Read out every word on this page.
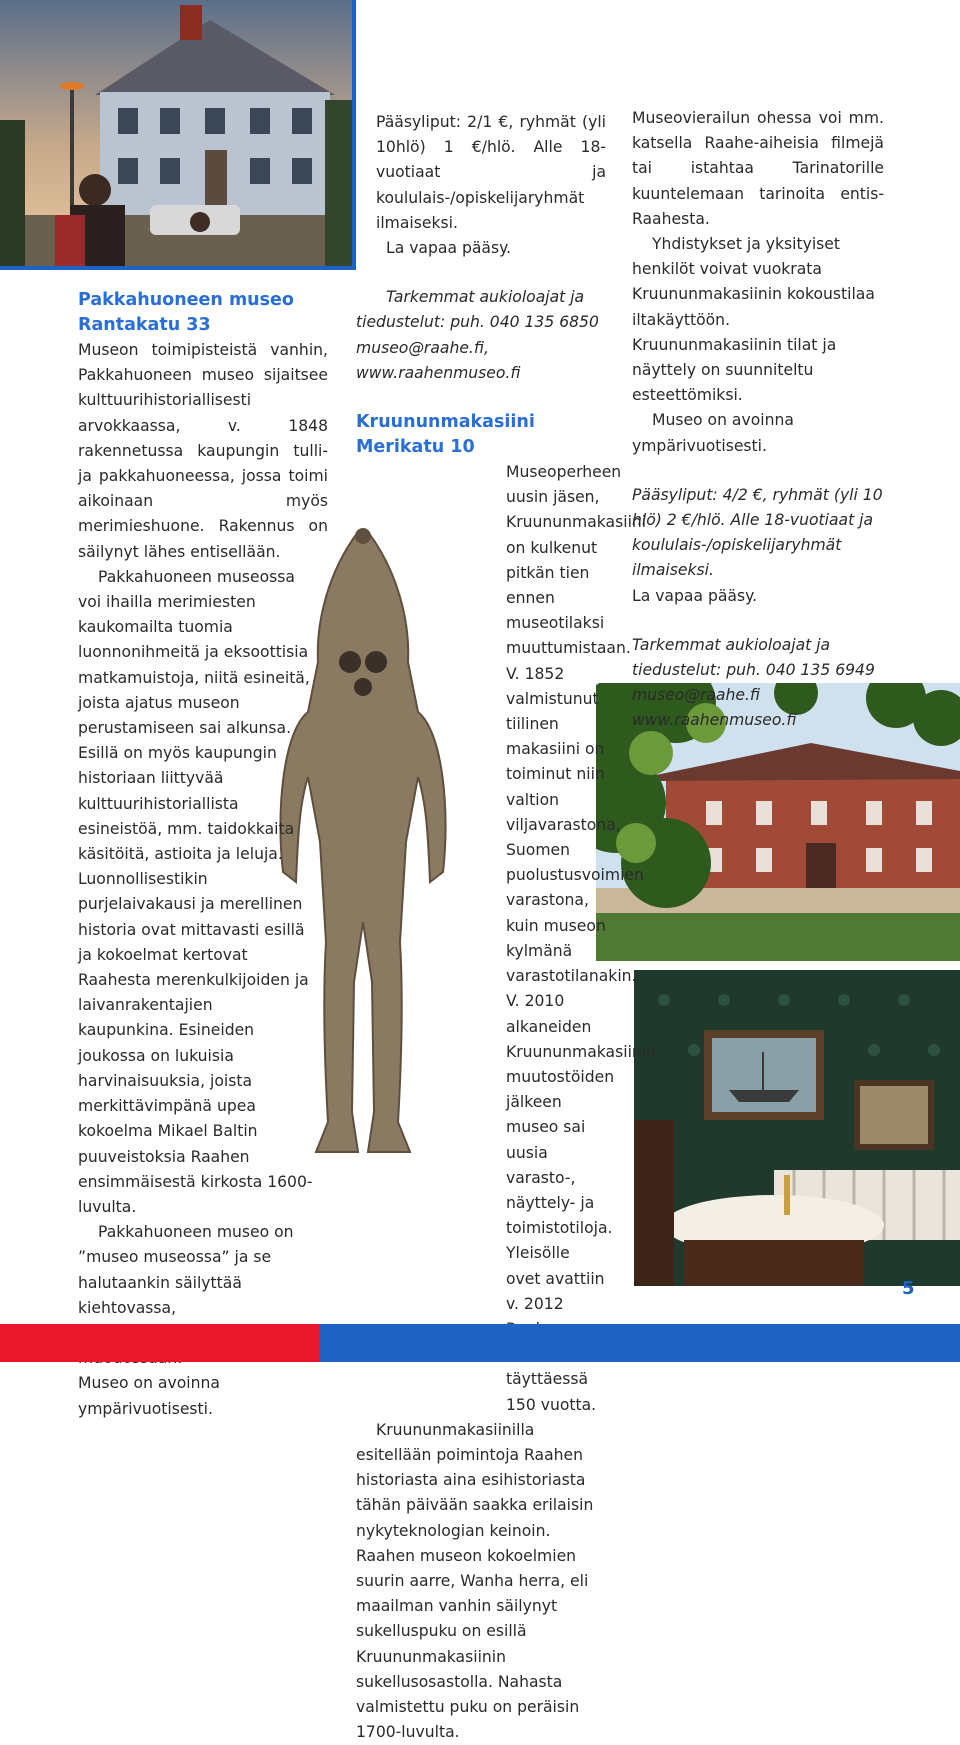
Pakkahuoneen museo

Rantakatu 33

Museon toimipisteistä vanhin, Pakkahuoneen museo sijaitsee kulttuurihistoriallisesti arvokkaassa, v. 1848 rakennetussa kaupungin tulli- ja pakkahuoneessa, jossa toimi aikoinaan myös merimieshuone. Rakennus on säilynyt lähes entisellään.

Pakkahuoneen museossa voi ihailla merimiesten kaukomailta tuomia luonnonihmeitä ja eksoottisia matkamuistoja, niitä esineitä, joista ajatus museon perustamiseen sai alkunsa. Esillä on myös kaupungin historiaan liittyvää kulttuurihistoriallista esineistöä, mm. taidokkaita käsitöitä, astioita ja leluja. Luonnollisestikin purjelaivakausi ja merellinen historia ovat mittavasti esillä ja kokoelmat kertovat Raahesta merenkulkijoiden ja laivanrakentajien kaupunkina. Esineiden joukossa on lukuisia harvinaisuuksia, joista merkittävimpänä upea kokoelma Mikael Baltin puuveistoksia Raahen ensimmäisestä kirkosta 1600-luvulta.

Pakkahuoneen museo on ”museo museossa” ja se halutaankin säilyttää kiehtovassa,

Museo on avoinna ympärivuotisesti.

Pääsyliput: 2/1 €, ryhmät (yli 10hlö) 1 €/hlö. Alle 18-vuotiaat ja koululais-/opiskelijaryhmät ilmaiseksi.

La vapaa pääsy.

Tarkemmat aukioloajat ja

tiedustelut: puh. 040 135 6850

museo@raahe.fi,

www.raahenmuseo.fi

Kruununmakasiini

Merikatu 10

Museoperheen uusin jäsen, Kruununmakasiini on kulkenut pitkän tien ennen museotilaksi muuttumistaan. V. 1852 valmistunut tiilinen makasiini on toiminut niin valtion viljavarastona, Suomen puolustusvoimien varastona, kuin museon kylmänä varastotilanakin. V. 2010 alkaneiden Kruununmakasiinin muutostöiden jälkeen museo sai uusia varasto-, näyttely- ja toimistotiloja. Yleisölle ovet avattiin v. 2012 täyttäessä 150 vuotta.

Kruununmakasiinilla esitellään poimintoja Raahen historiasta aina esihistoriasta tähän päivään saakka erilaisin nykyteknologian keinoin. Raahen museon kokoelmien suurin aarre, Wanha herra, eli maailman vanhin säilynyt sukelluspuku on esillä Kruununmakasiinin sukellusosastolla. Nahasta valmistettu puku on peräisin 1700-luvulta.

Museovierailun ohessa voi mm. katsella Raahe-aiheisia filmejä tai istahtaa Tarinatorille kuuntelemaan tarinoita entis-Raahesta.

Yhdistykset ja yksityiset henkilöt voivat vuokrata Kruununmakasiinin kokoustilaa iltakäyttöön. Kruununmakasiinin tilat ja näyttely on suunniteltu esteettömiksi.

Museo on avoinna ympärivuotisesti.

Pääsyliput: 4/2 €, ryhmät (yli 10 hlö) 2 €/hlö. Alle 18-vuotiaat ja koululais-/opiskelijaryhmät ilmaiseksi.

La vapaa pääsy.

Tarkemmat aukioloajat ja

tiedustelut: puh. 040 135 6949

museo@raahe.fi

www.raahenmuseo.fi

5
